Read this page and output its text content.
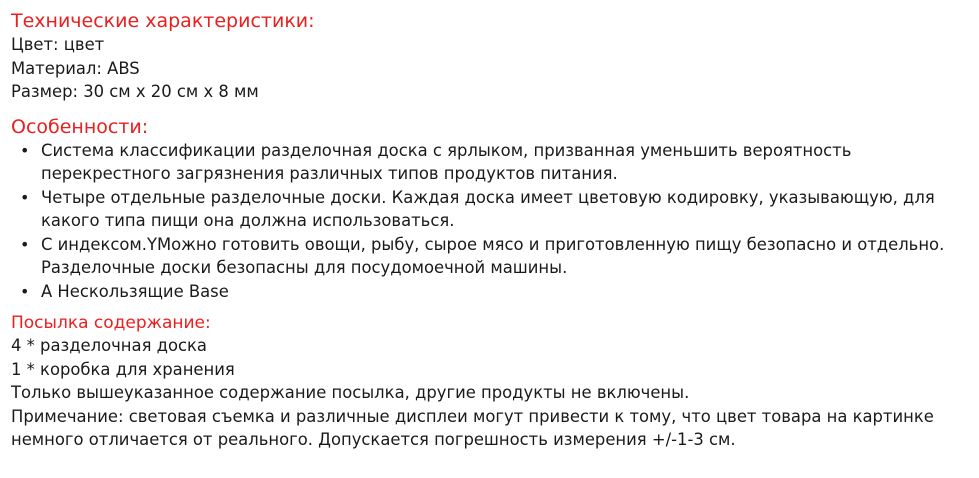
Технические характеристики:

Цвет: цвет

Материал: ABS

Размер: 30 см х 20 см х 8 мм

Особенности:

• Система классификации разделочная доска с ярлыком, призванная уменьшить вероятность перекрестного загрязнения различных типов продуктов питания.
• Четыре отдельные разделочные доски. Каждая доска имеет цветовую кодировку, указывающую, для какого типа пищи она должна использоваться.
• С индексом.YМожно готовить овощи, рыбу, сырое мясо и приготовленную пищу безопасно и отдельно. Разделочные доски безопасны для посудомоечной машины.
• A Нескользящие Base

Посылка содержание:

4 * разделочная доска

1 * коробка для хранения

Только вышеуказанное содержание посылка, другие продукты не включены.

Примечание: световая съемка и различные дисплеи могут привести к тому, что цвет товара на картинке немного отличается от реального. Допускается погрешность измерения +/-1-3 см.
